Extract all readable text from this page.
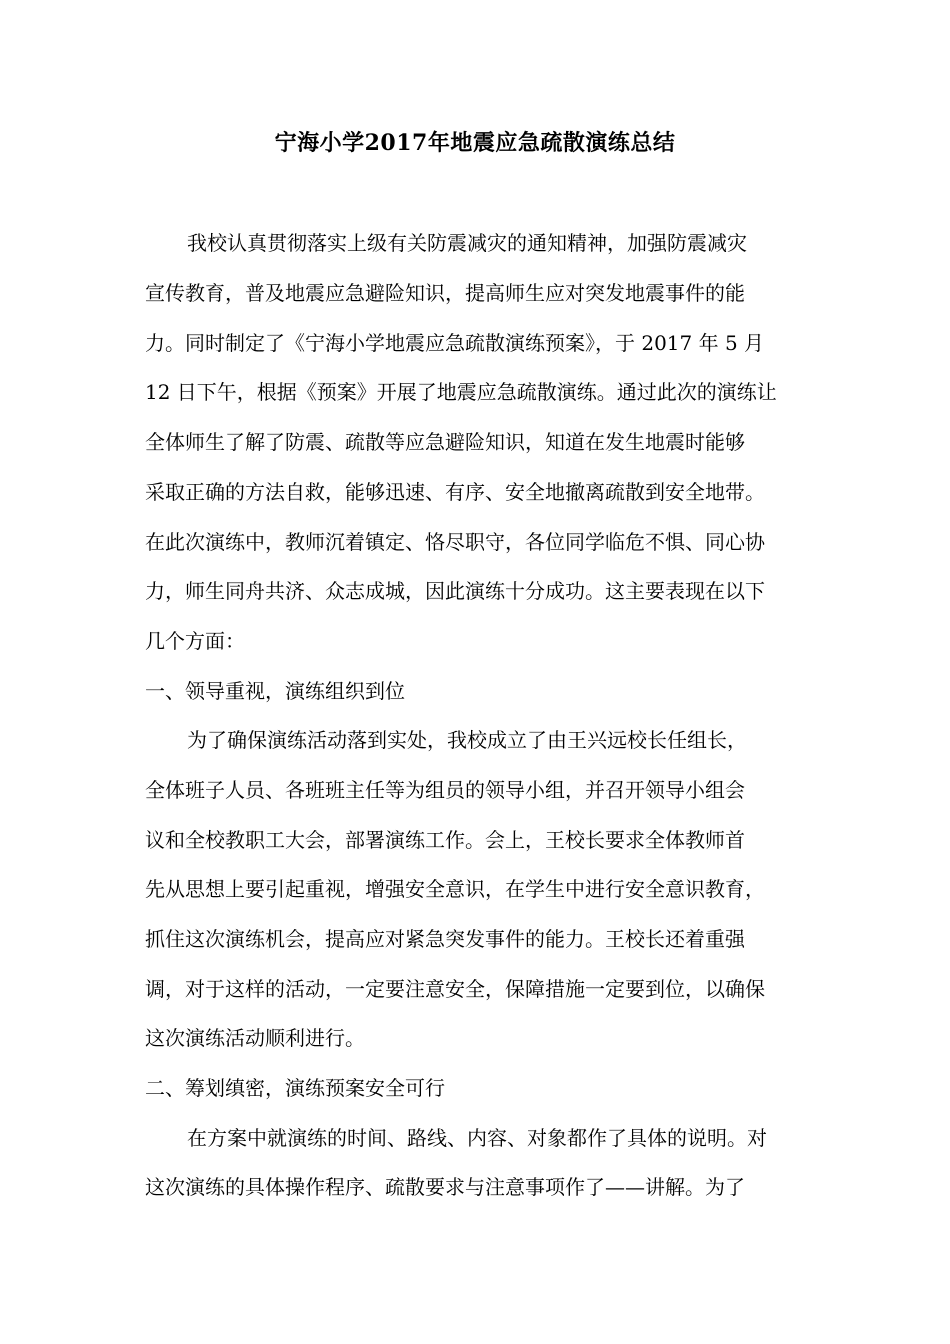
宁海小学2017年地震应急疏散演练总结
我校认真贯彻落实上级有关防震减灾的通知精神，加强防震减灾
宣传教育，普及地震应急避险知识，提高师生应对突发地震事件的能
力。同时制定了《宁海小学地震应急疏散演练预案》，于 2017 年 5 月
12 日下午，根据《预案》开展了地震应急疏散演练。通过此次的演练让
全体师生了解了防震、疏散等应急避险知识，知道在发生地震时能够
采取正确的方法自救，能够迅速、有序、安全地撤离疏散到安全地带。
在此次演练中，教师沉着镇定、恪尽职守，各位同学临危不惧、同心协
力，师生同舟共济、众志成城，因此演练十分成功。这主要表现在以下
几个方面：
一、领导重视，演练组织到位
为了确保演练活动落到实处，我校成立了由王兴远校长任组长，
全体班子人员、各班班主任等为组员的领导小组，并召开领导小组会
议和全校教职工大会，部署演练工作。会上，王校长要求全体教师首
先从思想上要引起重视，增强安全意识，在学生中进行安全意识教育，
抓住这次演练机会，提高应对紧急突发事件的能力。王校长还着重强
调，对于这样的活动，一定要注意安全，保障措施一定要到位，以确保
这次演练活动顺利进行。
二、筹划缜密，演练预案安全可行
在方案中就演练的时间、路线、内容、对象都作了具体的说明。对
这次演练的具体操作程序、疏散要求与注意事项作了——讲解。为了
